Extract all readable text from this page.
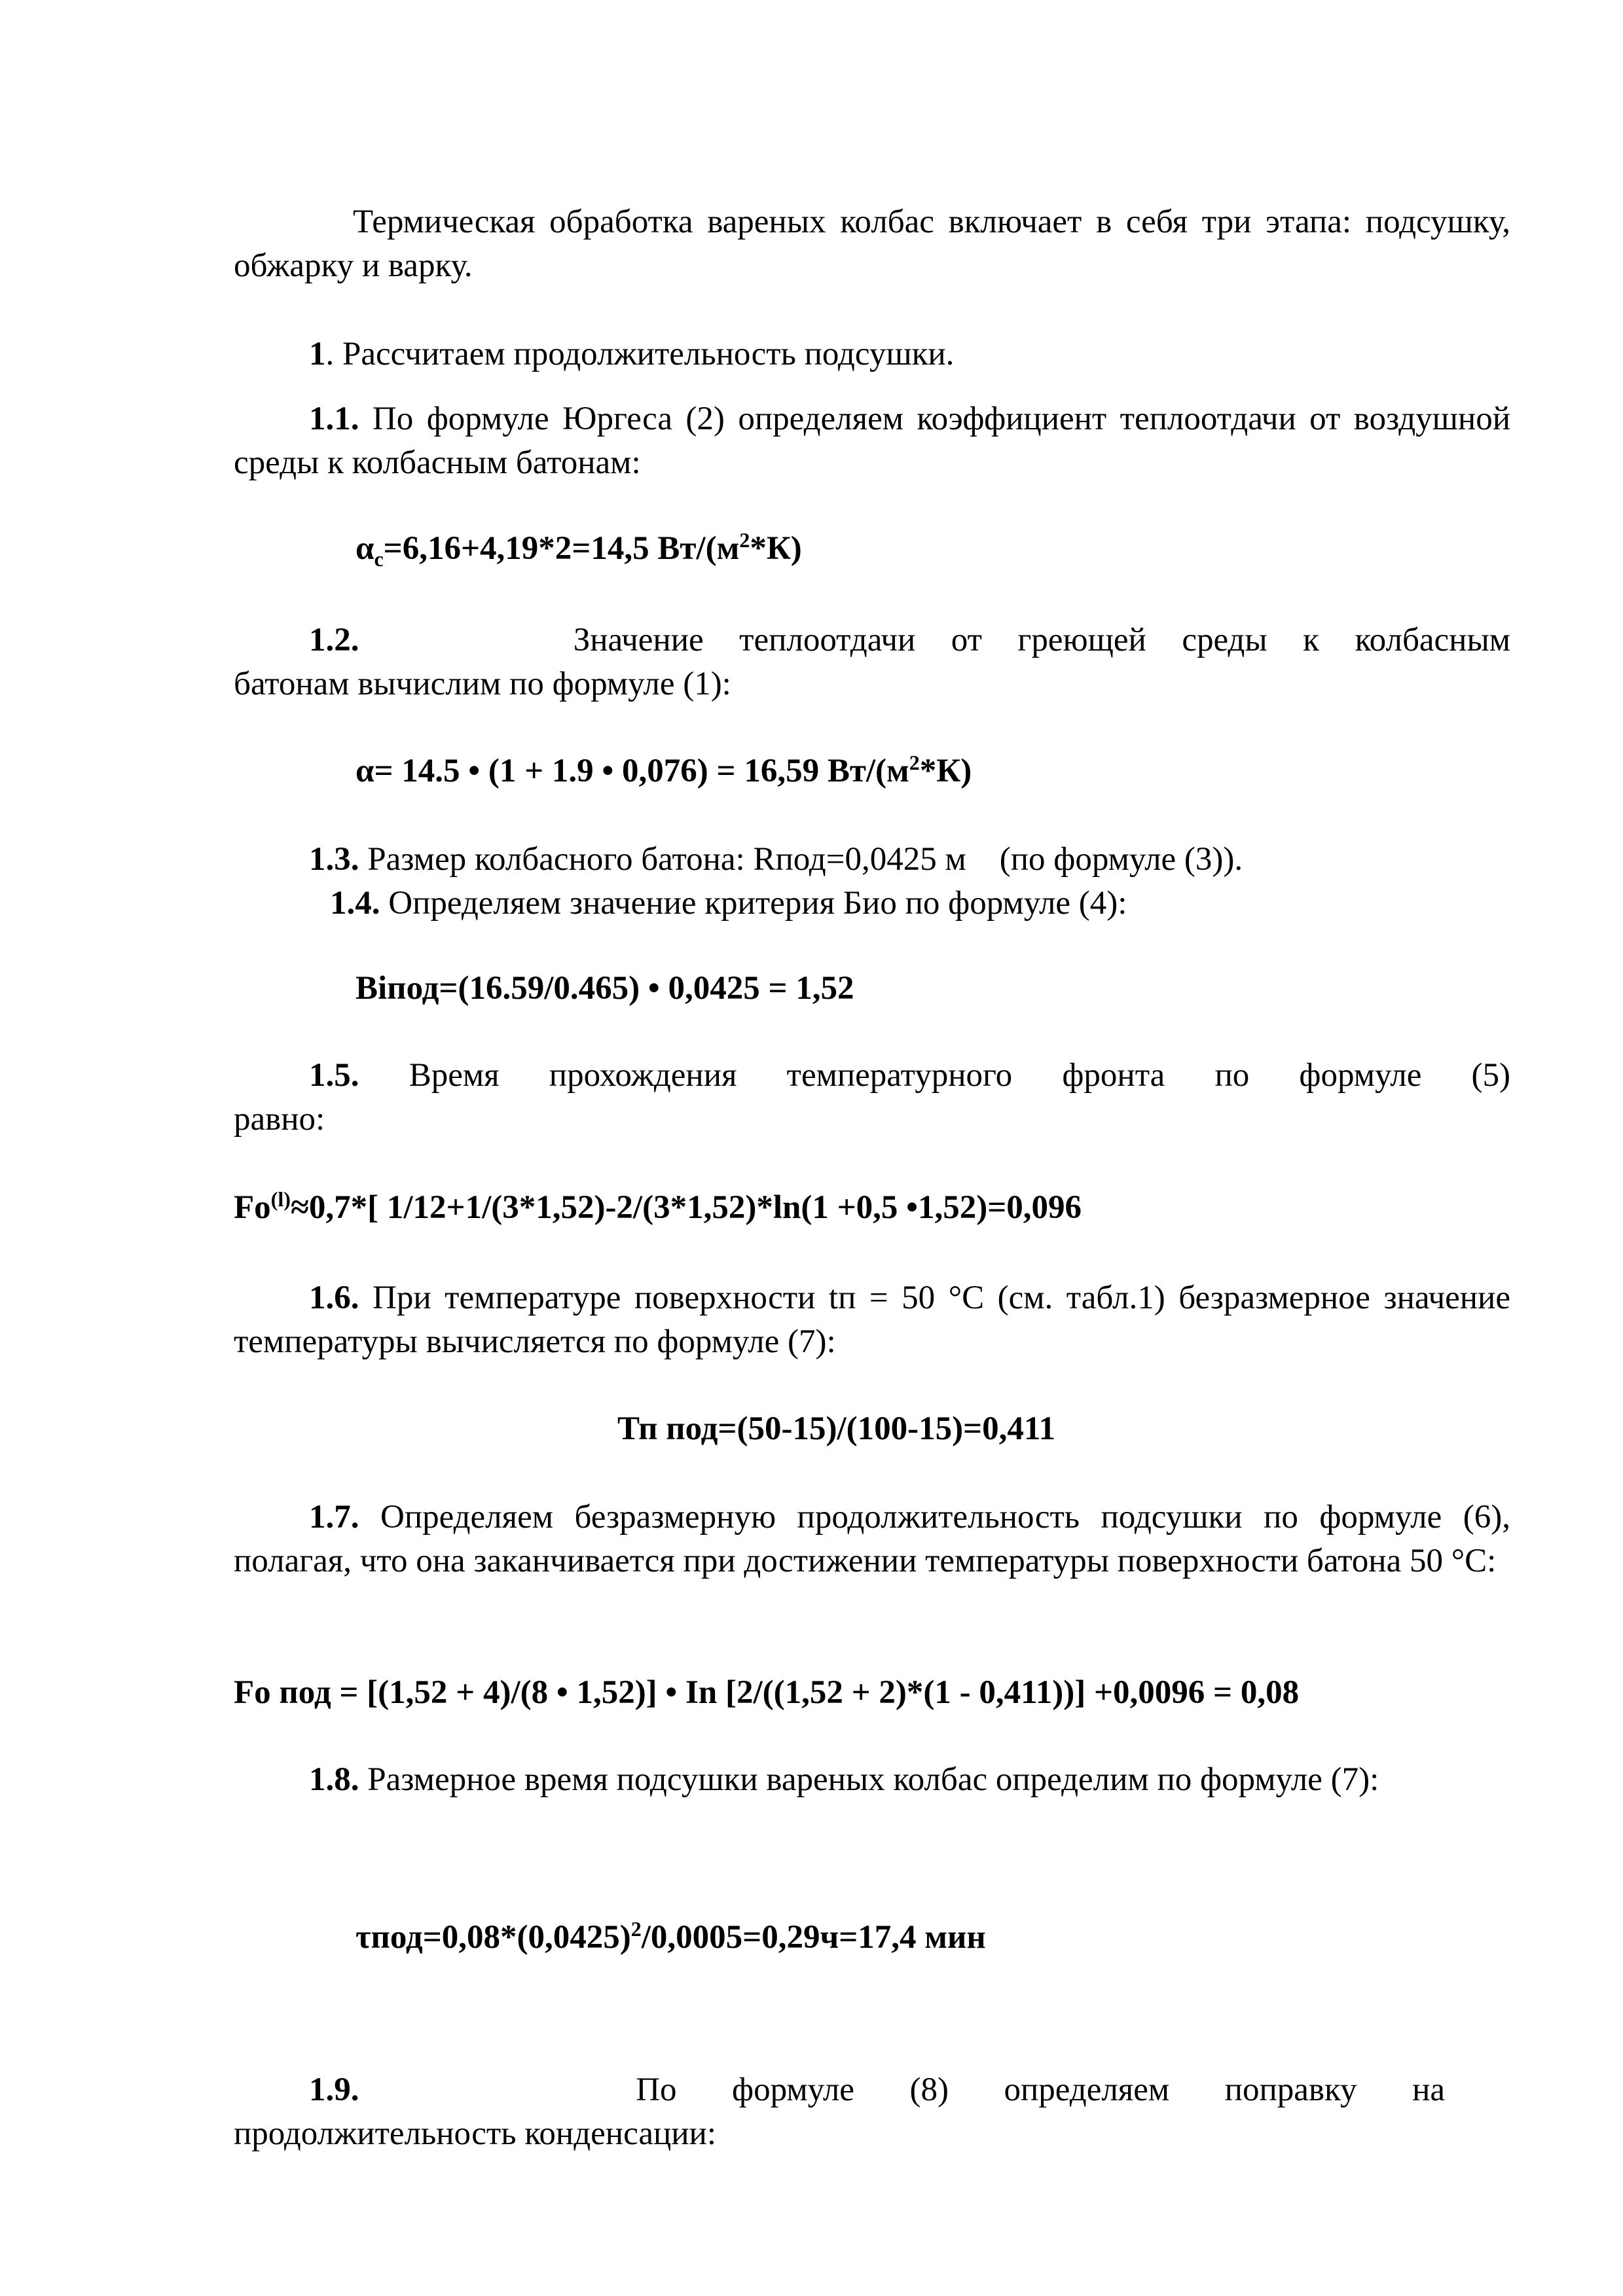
Термическая обработка вареных колбас включает в себя три этапа: подсушку, обжарку и варку.

1. Рассчитаем продолжительность подсушки.

1.1. По формуле Юргеса (2) определяем коэффициент теплоотдачи от воздушной среды к колбасным батонам:

$\alpha_c=6,16+4,19*2=14,5$ $Вт/(м^2*К)$

1.2.	Значение теплоотдачи от греющей среды к колбасным
батонам вычислим по формуле (1):

α= 14.5 • (1 + 1.9 • 0,076) = 16,59 $Вт/(м^2*К)$

1.3. Размер колбасного батона: Rпод=0,0425 м    (по формуле (3)).

1.4. Определяем значение критерия Био по формуле (4):

Biпод=(16.59/0.465) • 0,0425 = 1,52

1.5. Время прохождения температурного фронта по формуле (5)
равно:

$Fo^{(l)}\approx 0,7*$[ 1/12+1/(3*1,52)-2/(3*1,52)*ln(1 +0,5 •1,52)=0,096

1.6. При температуре поверхности tп = 50 °С (см. табл.1) безразмерное значение температуры вычисляется по формуле (7):

Тп под=(50-15)/(100-15)=0,411

1.7. Определяем безразмерную продолжительность подсушки по формуле (6), полагая, что она заканчивается при достижении температуры поверхности батона 50 °С:

Fo под = [(1,52 + 4)/(8 • 1,52)] • In [2/((1,52 + 2)*(1 - 0,411))] +0,0096 = 0,08

1.8. Размерное время подсушки вареных колбас определим по формуле (7):

$\tau под=0,08*(0,0425)^2/0,0005=0,29ч=17,4$ мин

1.9.	По формуле (8) определяем поправку на
продолжительность конденсации:
